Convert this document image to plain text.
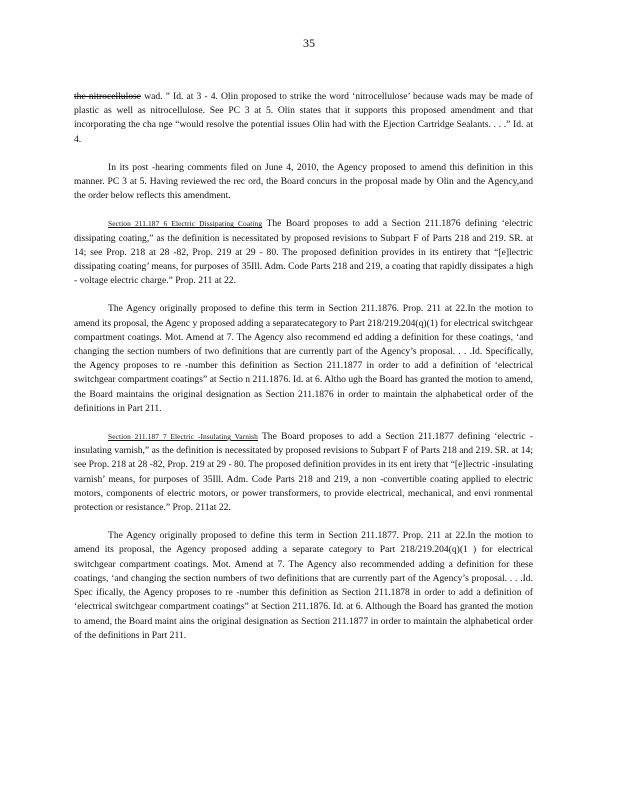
35

the nitrocellulose wad. ” Id. at 3 - 4. Olin proposed to strike the word ‘nitrocellulose’ because wads may be made of plastic as well as nitrocellulose. See PC 3 at 5. Olin states that it supports this proposed amendment and that incorporating the cha nge “would resolve the potential issues Olin had with the Ejection Cartridge Sealants. . . .” Id. at 4.

In its post -hearing comments filed on June 4, 2010, the Agency proposed to amend this definition in this manner. PC 3 at 5. Having reviewed the rec ord, the Board concurs in the proposal made by Olin and the Agency,and the order below reflects this amendment.

Section 211.187 6 Electric Dissipating Coating The Board proposes to add a Section 211.1876 defining ‘electric dissipating coating,” as the definition is necessitated by proposed revisions to Subpart F of Parts 218 and 219. SR. at 14; see Prop. 218 at 28 -82, Prop. 219 at 29 - 80. The proposed definition provides in its entirety that “[e]lectric dissipating coating’ means, for purposes of 35Ill. Adm. Code Parts 218 and 219, a coating that rapidly dissipates a high - voltage electric charge.” Prop. 211 at 22.

The Agency originally proposed to define this term in Section 211.1876. Prop. 211 at 22.In the motion to amend its proposal, the Agenc y proposed adding a separatecategory to Part 218/219.204(q)(1) for electrical switchgear compartment coatings. Mot. Amend at 7. The Agency also recommend ed adding a definition for these coatings, ‘and changing the section numbers of two definitions that are currently part of the Agency’s proposal. . . .Id. Specifically, the Agency proposes to re -number this definition as Section 211.1877 in order to add a definition of ‘electrical switchgear compartment coatings” at Sectio n 211.1876. Id. at 6. Altho ugh the Board has granted the motion to amend, the Board maintains the original designation as Section 211.1876 in order to maintain the alphabetical order of the definitions in Part 211.

Section 211.187 7 Electric -Insulating Varnish The Board proposes to add a Section 211.1877 defining ‘electric -insulating varnish,” as the definition is necessitated by proposed revisions to Subpart F of Parts 218 and 219. SR. at 14; see Prop. 218 at 28 -82, Prop. 219 at 29 - 80. The proposed definition provides in its ent irety that “[e]lectric -insulating varnish’ means, for purposes of 35Ill. Adm. Code Parts 218 and 219, a non -convertible coating applied to electric motors, components of electric motors, or power transformers, to provide electrical, mechanical, and envi ronmental protection or resistance.” Prop. 211at 22.

The Agency originally proposed to define this term in Section 211.1877. Prop. 211 at 22.In the motion to amend its proposal, the Agency proposed adding a separate category to Part 218/219.204(q)(1 ) for electrical switchgear compartment coatings. Mot. Amend at 7. The Agency also recommended adding a definition for these coatings, ‘and changing the section numbers of two definitions that are currently part of the Agency’s proposal. . . .Id. Spec ifically, the Agency proposes to re -number this definition as Section 211.1878 in order to add a definition of ‘electrical switchgear compartment coatings” at Section 211.1876. Id. at 6. Although the Board has granted the motion to amend, the Board maint ains the original designation as Section 211.1877 in order to maintain the alphabetical order of the definitions in Part 211.
